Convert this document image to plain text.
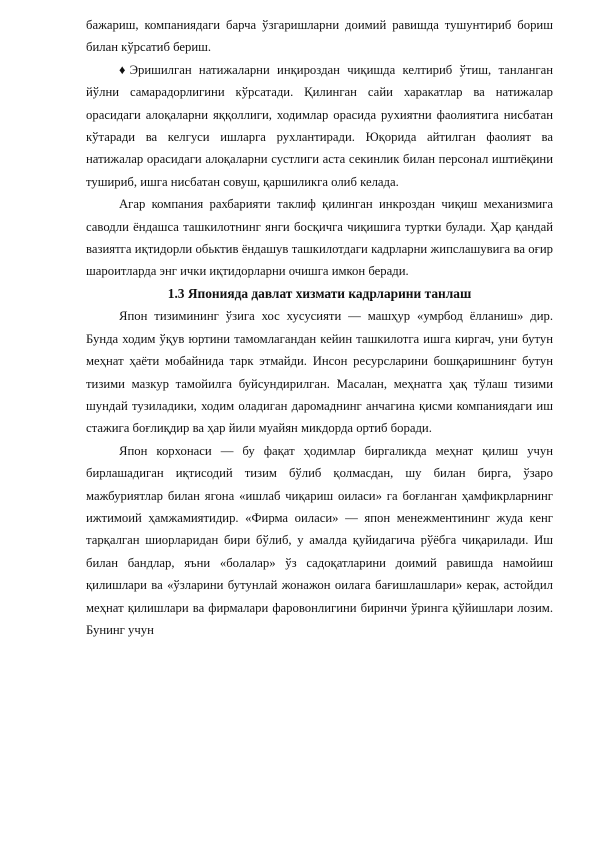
бажариш, компаниядаги барча ўзгаришларни доимий равишда тушунтириб бориш билан кўрсатиб бериш.

♦Эришилган натижаларни инқироздан чиқишда келтириб ўтиш, танланган йўлни самарадорлигини кўрсатади. Қилинган сайи харакатлар ва натижалар орасидаги алоқаларни яққоллиги, ходимлар орасида рухиятни фаолиятига нисбатан кўтаради ва келгуси ишларга рухлантиради. Юқорида айтилган фаолият ва натижалар орасидаги алоқаларни сустлиги аста секинлик билан персонал иштиёқини тушириб, ишга нисбатан совуш, қаршиликга олиб келада.

Агар компания рахбарияти таклиф қилинган инкроздан чиқиш механизмига саводли ёндашса ташкилотнинг янги босқичга чиқишига туртки булади. Ҳар қандай вазиятга иқтидорли обьктив ёндашув ташкилотдаги кадрларни жипслашувига ва оғир шароитларда энг ички иқтидорларни очишга имкон беради.

1.3 Японияда давлат хизмати кадрларини танлаш

Япон тизимининг ўзига хос хусусияти — машҳур «умрбод ёлланиш» дир. Бунда ходим ўқув юртини тамомлагандан кейин ташкилотга ишга киргач, уни бутун меҳнат ҳаёти мобайнида тарк этмайди. Инсон ресурсларини бошқаришнинг бутун тизими мазкур тамойилга буйсундирилган. Масалан, меҳнатга ҳақ тўлаш тизими шундай тузиладики, ходим оладиган даромаднинг анчагина қисми компаниядаги иш стажига боғлиқдир ва ҳар йили муайян микдорда ортиб боради.

Япон корхонаси — бу фақат ҳодимлар биргаликда меҳнат қилиш учун бирлашадиган иқтисодий тизим бўлиб қолмасдан, шу билан бирга, ўзаро мажбуриятлар билан ягона «ишлаб чиқариш оиласи» га боғланган ҳамфикрларнинг ижтимоий ҳамжамиятидир. «Фирма оиласи» — япон менежментининг жуда кенг тарқалган шиорларидан бири бўлиб, у амалда қуйидагича рўёбга чиқарилади. Иш билан бандлар, яъни «болалар» ўз садоқатларини доимий равишда намойиш қилишлари ва «ўзларини бутунлай жонажон оилага бағишлашлари» керак, астойдил меҳнат қилишлари ва фирмалари фаровонлигини биринчи ўринга қўйишлари лозим. Бунинг учун
